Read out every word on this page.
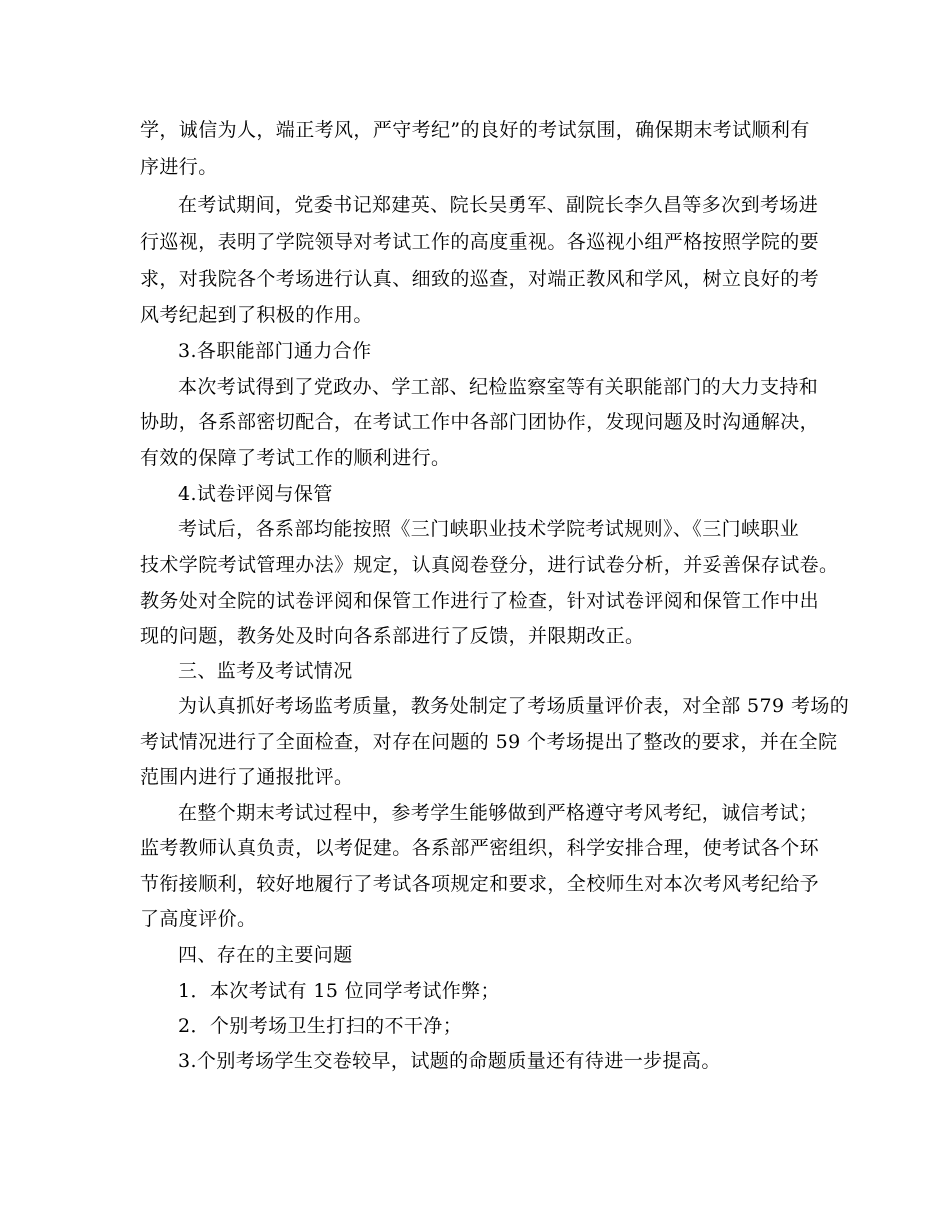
学，诚信为人，端正考风，严守考纪”的良好的考试氛围，确保期末考试顺利有
序进行。
在考试期间，党委书记郑建英、院长吴勇军、副院长李久昌等多次到考场进
行巡视，表明了学院领导对考试工作的高度重视。各巡视小组严格按照学院的要
求，对我院各个考场进行认真、细致的巡查，对端正教风和学风，树立良好的考
风考纪起到了积极的作用。
3.各职能部门通力合作
本次考试得到了党政办、学工部、纪检监察室等有关职能部门的大力支持和
协助，各系部密切配合，在考试工作中各部门团协作，发现问题及时沟通解决，
有效的保障了考试工作的顺利进行。
4.试卷评阅与保管
考试后，各系部均能按照《三门峡职业技术学院考试规则》、《三门峡职业
技术学院考试管理办法》规定，认真阅卷登分，进行试卷分析，并妥善保存试卷。
教务处对全院的试卷评阅和保管工作进行了检查，针对试卷评阅和保管工作中出
现的问题，教务处及时向各系部进行了反馈，并限期改正。
三、监考及考试情况
为认真抓好考场监考质量，教务处制定了考场质量评价表，对全部 579 考场的
考试情况进行了全面检查，对存在问题的 59 个考场提出了整改的要求，并在全院
范围内进行了通报批评。
在整个期末考试过程中，参考学生能够做到严格遵守考风考纪，诚信考试；
监考教师认真负责，以考促建。各系部严密组织，科学安排合理，使考试各个环
节衔接顺利，较好地履行了考试各项规定和要求，全校师生对本次考风考纪给予
了高度评价。
四、存在的主要问题
1．本次考试有 15 位同学考试作弊；
2．个别考场卫生打扫的不干净；
3.个别考场学生交卷较早，试题的命题质量还有待进一步提高。
